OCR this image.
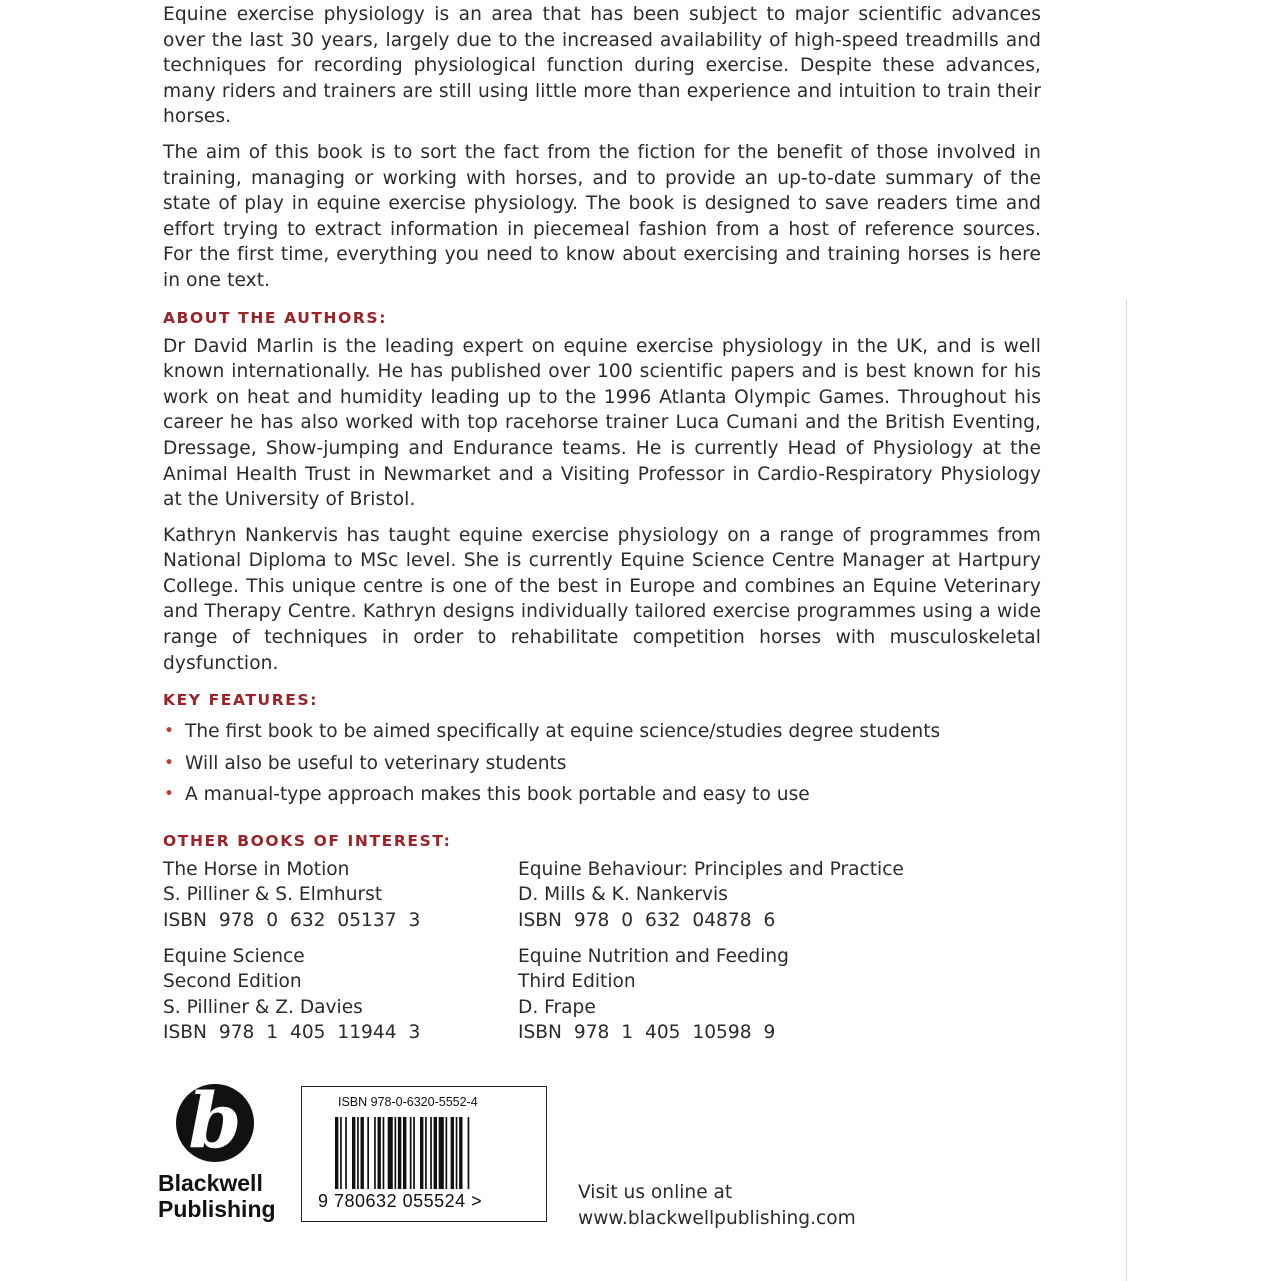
Equine exercise physiology is an area that has been subject to major scientific advances over the last 30 years, largely due to the increased availability of high-speed treadmills and techniques for recording physiological function during exercise. Despite these advances, many riders and trainers are still using little more than experience and intuition to train their horses.

The aim of this book is to sort the fact from the fiction for the benefit of those involved in training, managing or working with horses, and to provide an up-to-date summary of the state of play in equine exercise physiology. The book is designed to save readers time and effort trying to extract information in piecemeal fashion from a host of reference sources. For the first time, everything you need to know about exercising and training horses is here in one text.

ABOUT THE AUTHORS:

Dr David Marlin is the leading expert on equine exercise physiology in the UK, and is well known internationally. He has published over 100 scientific papers and is best known for his work on heat and humidity leading up to the 1996 Atlanta Olympic Games. Throughout his career he has also worked with top racehorse trainer Luca Cumani and the British Eventing, Dressage, Show-jumping and Endurance teams. He is currently Head of Physiology at the Animal Health Trust in Newmarket and a Visiting Professor in Cardio-Respiratory Physiology at the University of Bristol.

Kathryn Nankervis has taught equine exercise physiology on a range of programmes from National Diploma to MSc level. She is currently Equine Science Centre Manager at Hartpury College. This unique centre is one of the best in Europe and combines an Equine Veterinary and Therapy Centre. Kathryn designs individually tailored exercise programmes using a wide range of techniques in order to rehabilitate competition horses with musculoskeletal dysfunction.

KEY FEATURES:
• The first book to be aimed specifically at equine science/studies degree students
• Will also be useful to veterinary students
• A manual-type approach makes this book portable and easy to use
OTHER BOOKS OF INTEREST:
The Horse in Motion
S. Pilliner & S. Elmhurst
ISBN 978 0 632 05137 3
Equine Behaviour: Principles and Practice
D. Mills & K. Nankervis
ISBN 978 0 632 04878 6
Equine Science
Second Edition
S. Pilliner & Z. Davies
ISBN 978 1 405 11944 3
Equine Nutrition and Feeding
Third Edition
D. Frape
ISBN 978 1 405 10598 9
b
Blackwell
Publishing
ISBN 978-0-6320-5552-4
9 780632 055524 >	Visit us online at
www.blackwellpublishing.com
